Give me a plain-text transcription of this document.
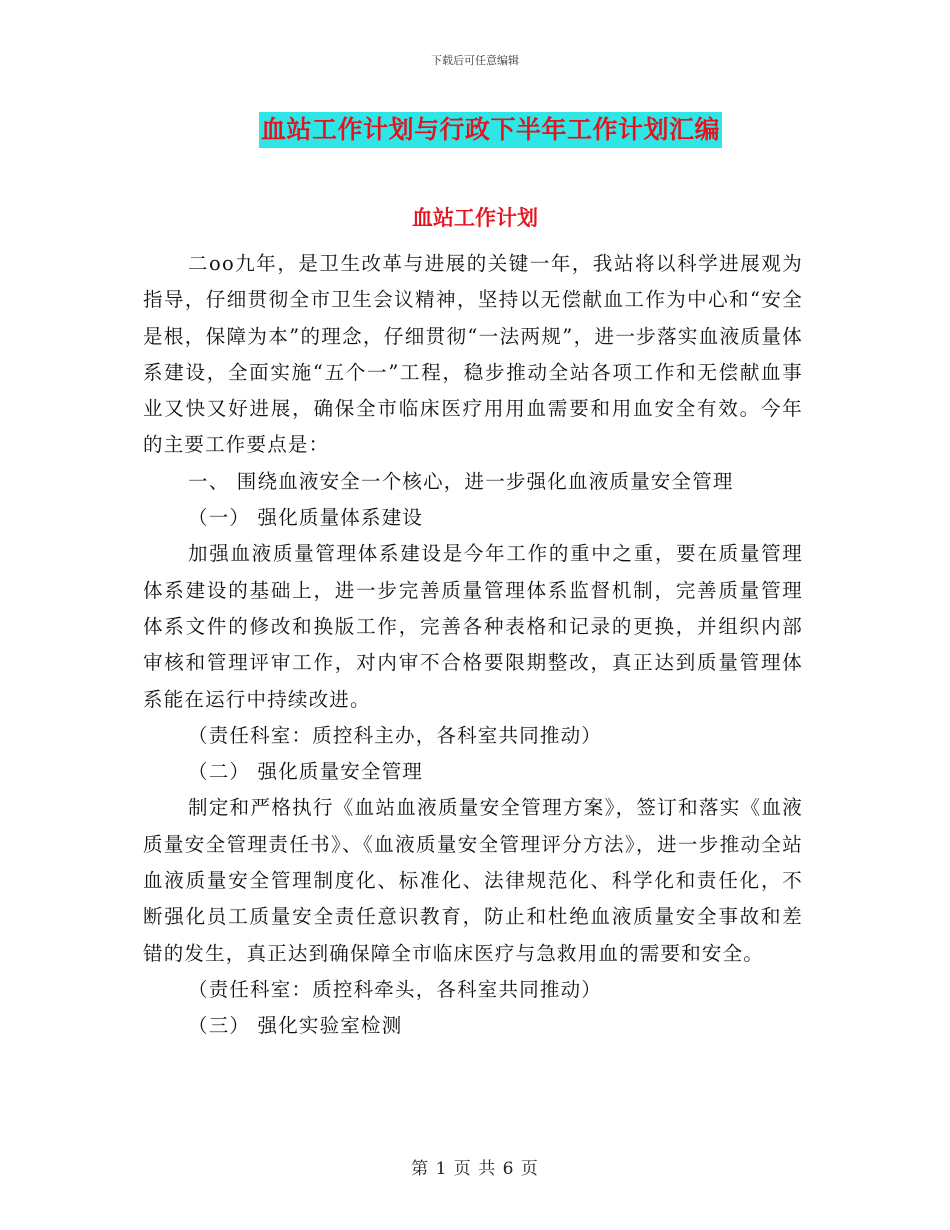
下载后可任意编辑
血站工作计划与行政下半年工作计划汇编
血站工作计划

二oo九年，是卫生改革与进展的关键一年，我站将以科学进展观为指导，仔细贯彻全市卫生会议精神，坚持以无偿献血工作为中心和“安全是根，保障为本”的理念，仔细贯彻“一法两规”，进一步落实血液质量体系建设，全面实施“五个一”工程，稳步推动全站各项工作和无偿献血事业又快又好进展，确保全市临床医疗用用血需要和用血安全有效。今年的主要工作要点是：

一、 围绕血液安全一个核心，进一步强化血液质量安全管理

（一） 强化质量体系建设

加强血液质量管理体系建设是今年工作的重中之重，要在质量管理体系建设的基础上，进一步完善质量管理体系监督机制，完善质量管理体系文件的修改和换版工作，完善各种表格和记录的更换，并组织内部审核和管理评审工作，对内审不合格要限期整改，真正达到质量管理体系能在运行中持续改进。

（责任科室：质控科主办，各科室共同推动）

（二） 强化质量安全管理

制定和严格执行《血站血液质量安全管理方案》，签订和落实《血液质量安全管理责任书》、《血液质量安全管理评分方法》，进一步推动全站血液质量安全管理制度化、标准化、法律规范化、科学化和责任化，不断强化员工质量安全责任意识教育，防止和杜绝血液质量安全事故和差错的发生，真正达到确保障全市临床医疗与急救用血的需要和安全。

（责任科室：质控科牵头，各科室共同推动）

（三） 强化实验室检测

第 1 页 共 6 页
